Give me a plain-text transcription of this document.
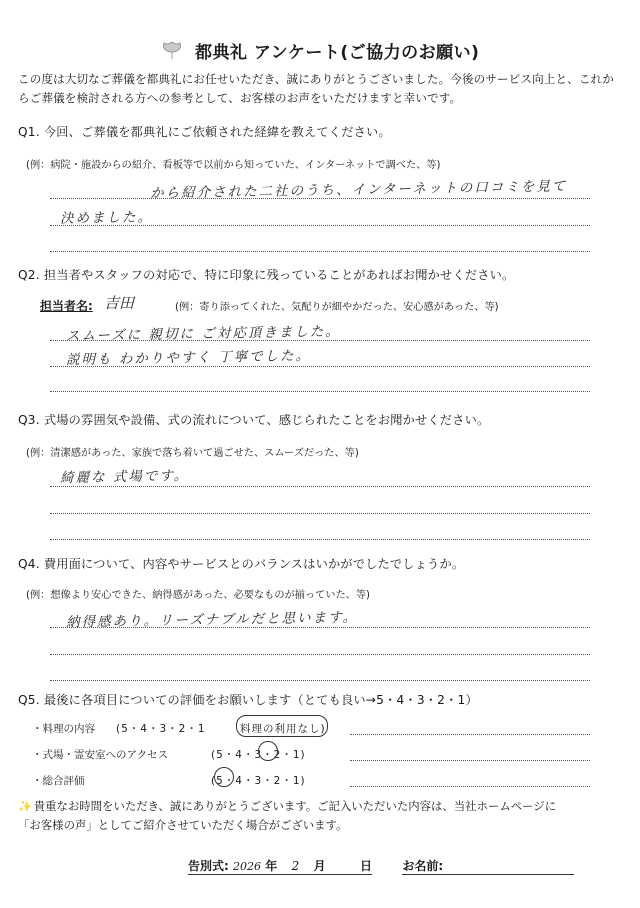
都典礼 アンケート(ご協力のお願い)
この度は大切なご葬儀を都典礼にお任せいただき、誠にありがとうございました。今後のサービス向上と、これからご葬儀を検討される方への参考として、お客様のお声をいただけますと幸いです。
Q1. 今回、ご葬儀を都典礼にご依頼された経緯を教えてください。
(例：病院・施設からの紹介、看板等で以前から知っていた、インターネットで調べた、等)
から紹介された二社のうち、インターネットの口コミを見て
決めました。
Q2. 担当者やスタッフの対応で、特に印象に残っていることがあればお聞かせください。
担当者名: 吉田	(例：寄り添ってくれた、気配りが細やかだった、安心感があった、等)
スムーズに 親切に ご対応頂きました。
説明も わかりやすく 丁寧でした。
Q3. 式場の雰囲気や設備、式の流れについて、感じられたことをお聞かせください。
(例：清潔感があった、家族で落ち着いて過ごせた、スムーズだった、等)
綺麗な 式場です。
Q4. 費用面について、内容やサービスとのバランスはいかがでしたでしょうか。
(例：想像より安心できた、納得感があった、必要なものが揃っていた、等)
納得感あり。リーズナブルだと思います。
Q5. 最後に各項目についての評価をお願いします（とても良い→5・4・3・2・1）
・料理の内容 (5・4・3・2・1	料理の利用なし)
・式場・霊安室へのアクセス	(5・4・3・2・1)
・総合評価	(5・4・3・2・1)
✨ 貴重なお時間をいただき、誠にありがとうございます。ご記入いただいた内容は、当社ホームページに
「お客様の声」としてご紹介させていただく場合がございます。
告別式: 2026 年 2 月	日	お名前:
